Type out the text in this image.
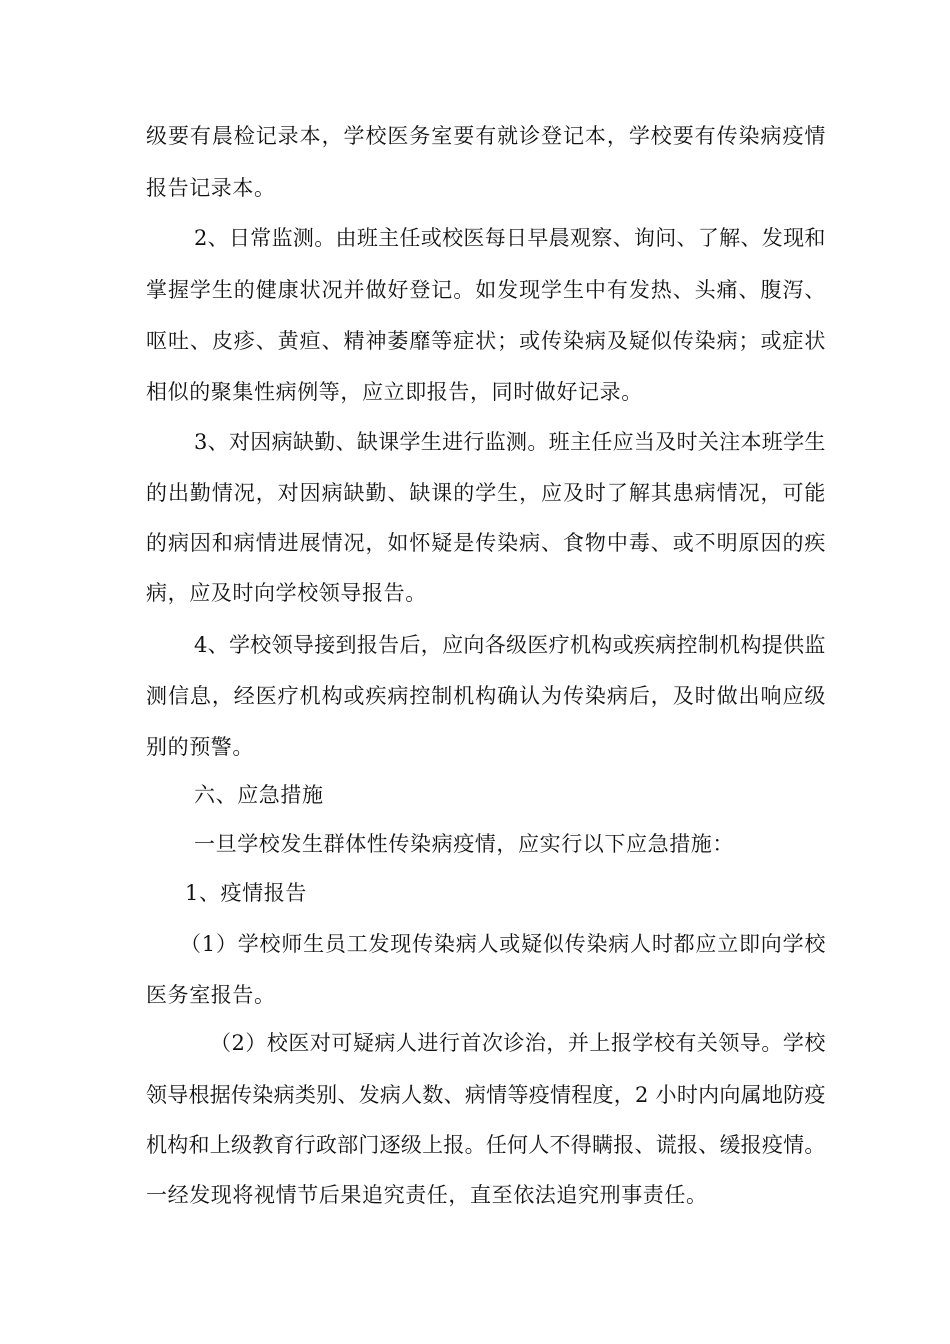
级要有晨检记录本，学校医务室要有就诊登记本，学校要有传染病疫情
报告记录本。
2、日常监测。由班主任或校医每日早晨观察、询问、了解、发现和
掌握学生的健康状况并做好登记。如发现学生中有发热、头痛、腹泻、
呕吐、皮疹、黄疸、精神萎靡等症状；或传染病及疑似传染病；或症状
相似的聚集性病例等，应立即报告，同时做好记录。
3、对因病缺勤、缺课学生进行监测。班主任应当及时关注本班学生
的出勤情况，对因病缺勤、缺课的学生，应及时了解其患病情况，可能
的病因和病情进展情况，如怀疑是传染病、食物中毒、或不明原因的疾
病，应及时向学校领导报告。
4、学校领导接到报告后，应向各级医疗机构或疾病控制机构提供监
测信息，经医疗机构或疾病控制机构确认为传染病后，及时做出响应级
别的预警。
六、应急措施
一旦学校发生群体性传染病疫情，应实行以下应急措施：
1、疫情报告
（1）学校师生员工发现传染病人或疑似传染病人时都应立即向学校
医务室报告。
（2）校医对可疑病人进行首次诊治，并上报学校有关领导。学校
领导根据传染病类别、发病人数、病情等疫情程度，2 小时内向属地防疫
机构和上级教育行政部门逐级上报。任何人不得瞒报、谎报、缓报疫情。
一经发现将视情节后果追究责任，直至依法追究刑事责任。
